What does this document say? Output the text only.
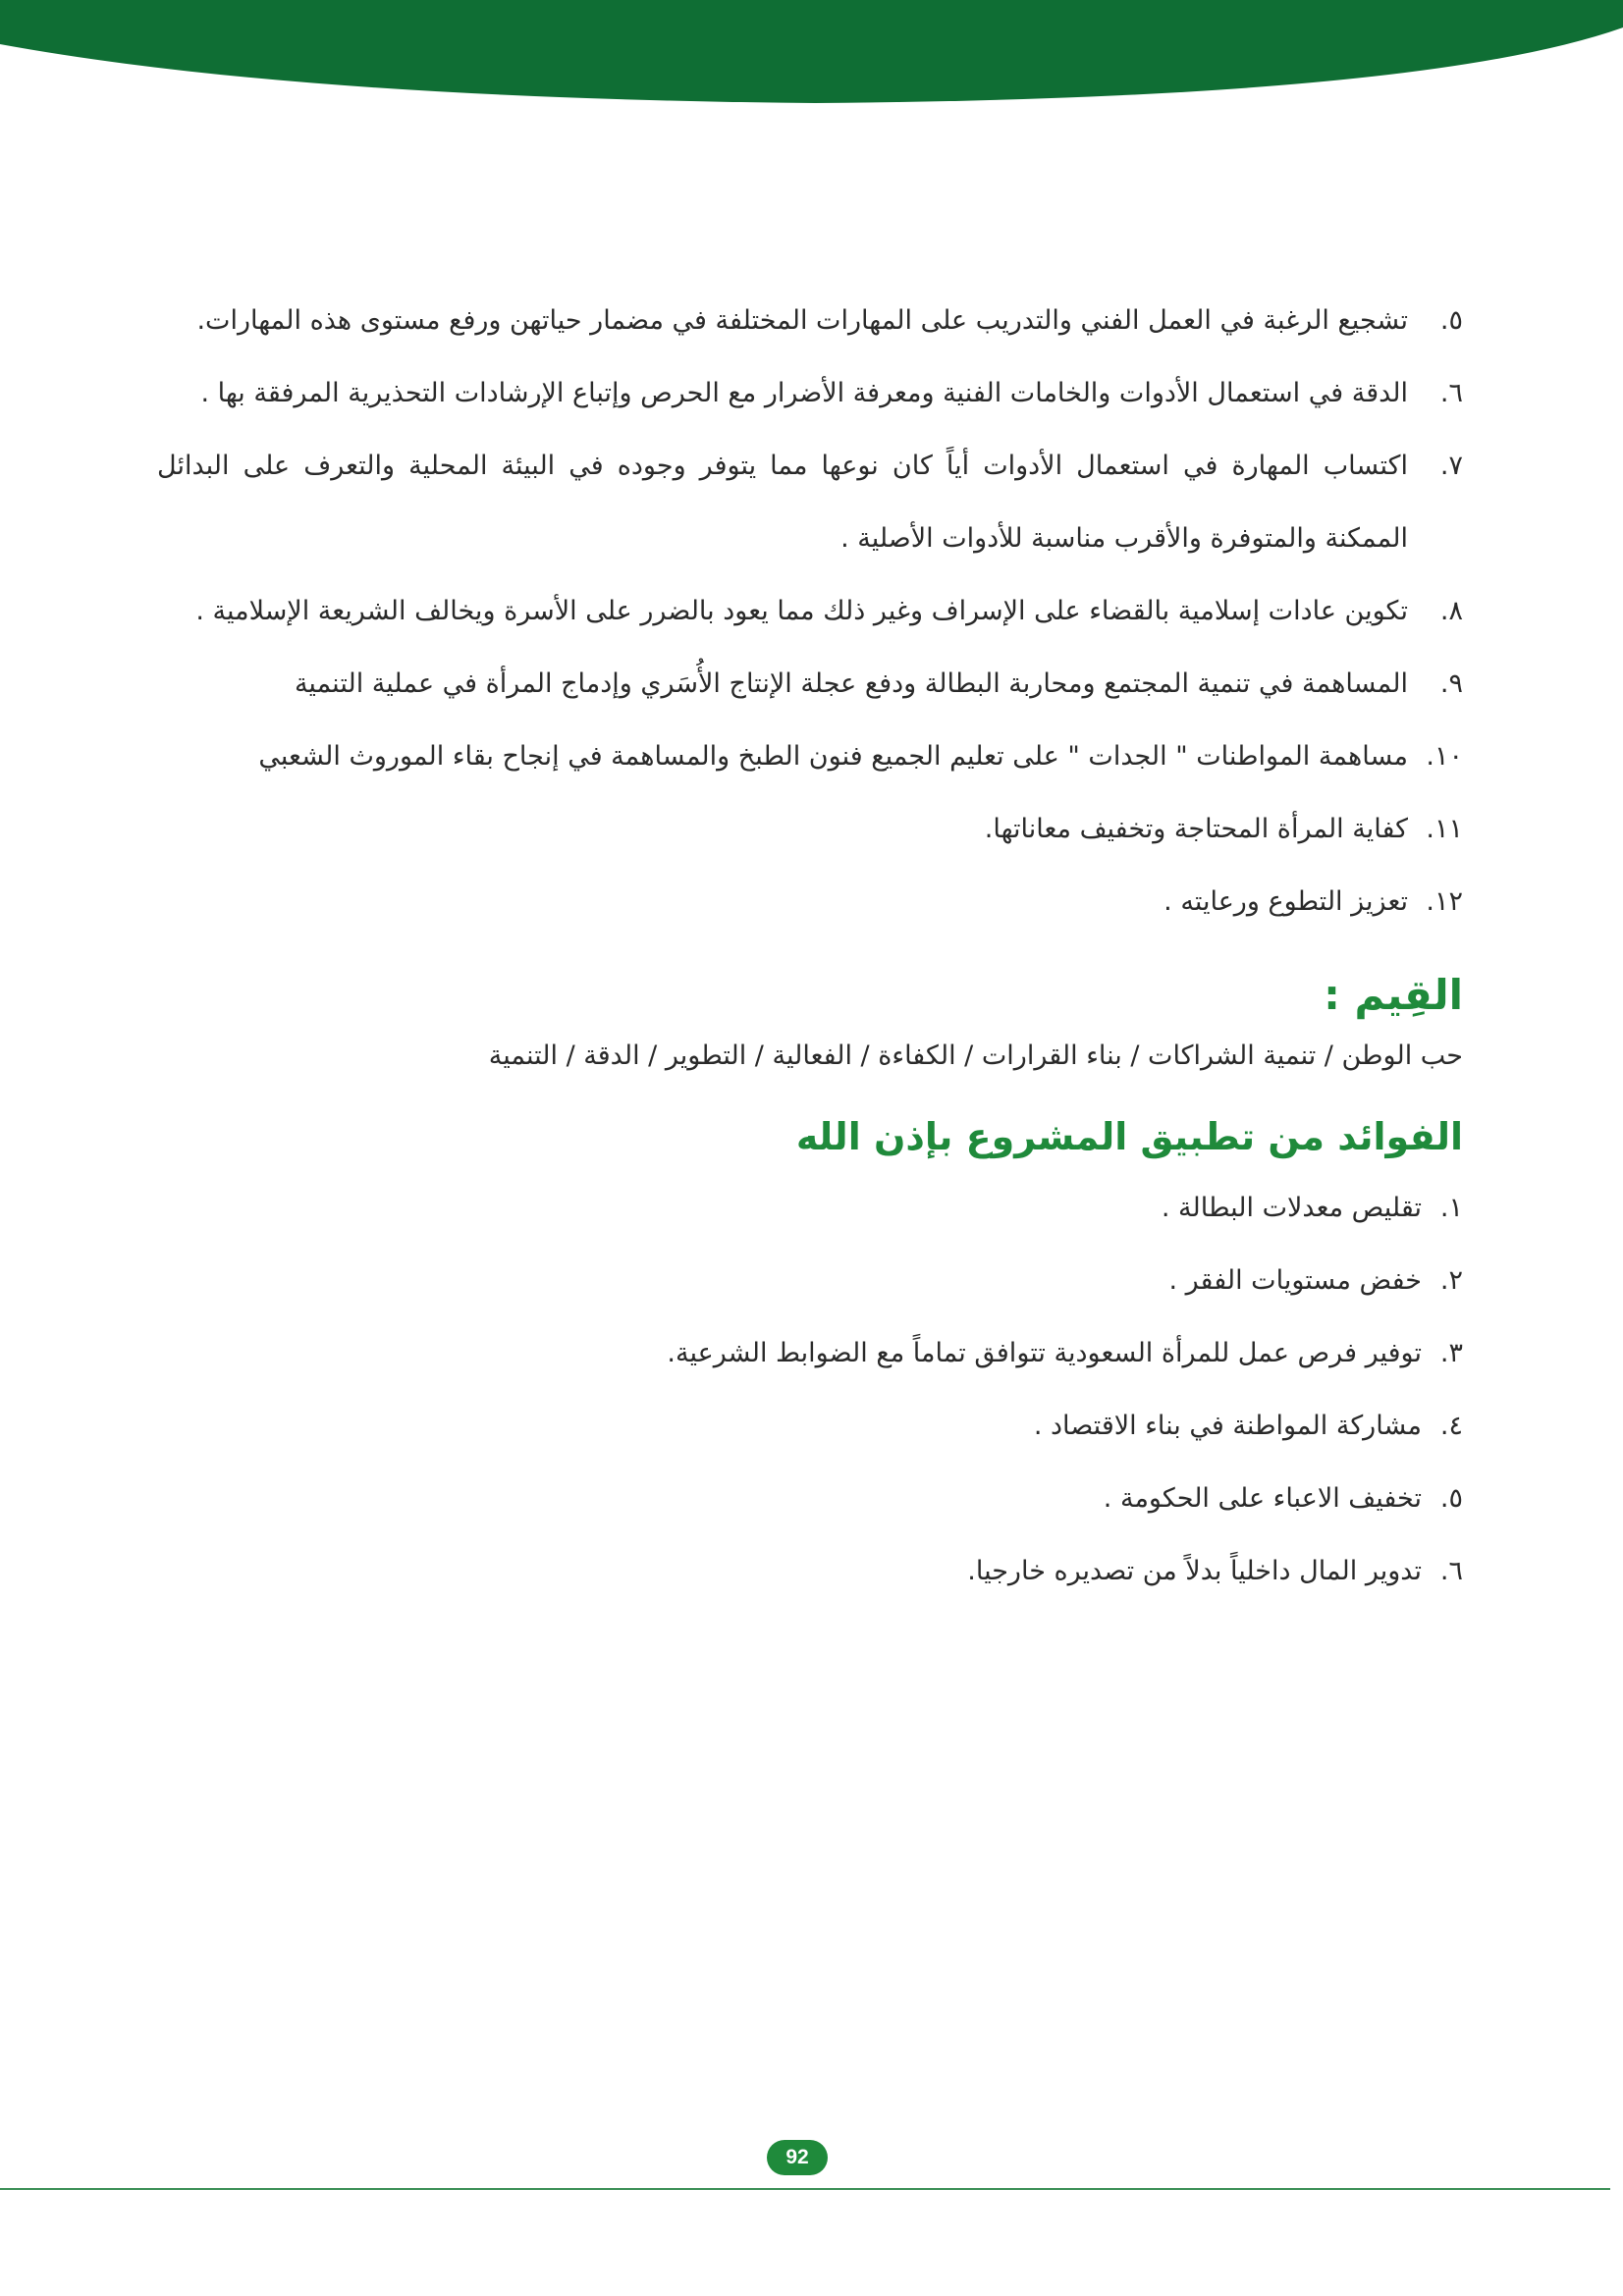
٥.
تشجيع الرغبة في العمل الفني والتدريب على المهارات المختلفة في مضمار حياتهن ورفع مستوى هذه المهارات.
٦.
الدقة في استعمال الأدوات والخامات الفنية ومعرفة الأضرار مع الحرص وإتباع الإرشادات التحذيرية المرفقة بها .
٧.
اكتساب المهارة في استعمال الأدوات أياً كان نوعها مما يتوفر وجوده في البيئة المحلية والتعرف على البدائل الممكنة والمتوفرة والأقرب مناسبة للأدوات الأصلية .
٨.
تكوين عادات إسلامية بالقضاء على الإسراف وغير ذلك مما يعود بالضرر على الأسرة ويخالف الشريعة الإسلامية .
٩.
المساهمة في تنمية المجتمع ومحاربة البطالة ودفع عجلة الإنتاج الأُسَري وإدماج المرأة في عملية التنمية
١٠.
مساهمة المواطنات " الجدات " على تعليم الجميع فنون الطبخ والمساهمة في إنجاح بقاء الموروث الشعبي
١١.
كفاية المرأة المحتاجة وتخفيف معاناتها.
١٢.
تعزيز التطوع ورعايته .
القِيم :
حب الوطن / تنمية الشراكات / بناء القرارات / الكفاءة / الفعالية / التطوير / الدقة / التنمية
الفوائد من تطبيق المشروع بإذن الله
١.
تقليص معدلات البطالة .
٢.
خفض مستويات الفقر .
٣.
توفير فرص عمل للمرأة السعودية تتوافق تماماً مع الضوابط الشرعية.
٤.
مشاركة المواطنة في بناء الاقتصاد .
٥.
تخفيف الاعباء على الحكومة .
٦.
تدوير المال داخلياً بدلاً من تصديره خارجيا.
92
